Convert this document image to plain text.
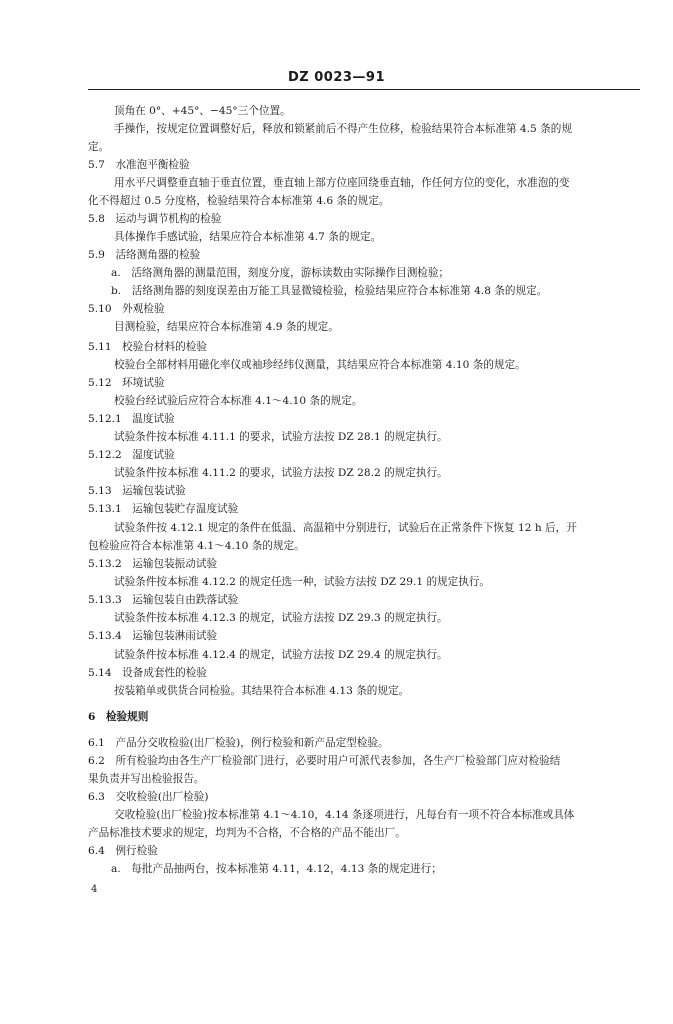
DZ 0023—91
顶角在 0°、+45°、−45°三个位置。
手操作，按规定位置调整好后，释放和锁紧前后不得产生位移，检验结果符合本标准第 4.5 条的规
定。
5.7　水准泡平衡检验
用水平尺调整垂直轴于垂直位置，垂直轴上部方位座回绕垂直轴，作任何方位的变化，水准泡的变
化不得超过 0.5 分度格，检验结果符合本标准第 4.6 条的规定。
5.8　运动与调节机构的检验
具体操作手感试验，结果应符合本标准第 4.7 条的规定。
5.9　活络测角器的检验
a.　活络测角器的测量范围，刻度分度，游标读数由实际操作目测检验；
b.　活络测角器的刻度误差由万能工具显微镜检验，检验结果应符合本标准第 4.8 条的规定。
5.10　外观检验
目测检验，结果应符合本标准第 4.9 条的规定。
5.11　校验台材料的检验
校验台全部材料用磁化率仪或袖珍经纬仪测量，其结果应符合本标准第 4.10 条的规定。
5.12　环境试验
校验台经试验后应符合本标准 4.1～4.10 条的规定。
5.12.1　温度试验
试验条件按本标准 4.11.1 的要求，试验方法按 DZ 28.1 的规定执行。
5.12.2　湿度试验
试验条件按本标准 4.11.2 的要求，试验方法按 DZ 28.2 的规定执行。
5.13　运输包装试验
5.13.1　运输包装贮存温度试验
试验条件按 4.12.1 规定的条件在低温、高温箱中分别进行，试验后在正常条件下恢复 12 h 后，开
包检验应符合本标准第 4.1～4.10 条的规定。
5.13.2　运输包装振动试验
试验条件按本标准 4.12.2 的规定任选一种，试验方法按 DZ 29.1 的规定执行。
5.13.3　运输包装自由跌落试验
试验条件按本标准 4.12.3 的规定，试验方法按 DZ 29.3 的规定执行。
5.13.4　运输包装淋雨试验
试验条件按本标准 4.12.4 的规定，试验方法按 DZ 29.4 的规定执行。
5.14　设备成套性的检验
按装箱单或供货合同检验。其结果符合本标准 4.13 条的规定。
6　检验规则
6.1　产品分交收检验(出厂检验)，例行检验和新产品定型检验。
6.2　所有检验均由各生产厂检验部门进行，必要时用户可派代表参加，各生产厂检验部门应对检验结
果负责并写出检验报告。
6.3　交收检验(出厂检验)
交收检验(出厂检验)按本标准第 4.1～4.10，4.14 条逐项进行，凡每台有一项不符合本标准或具体
产品标准技术要求的规定，均判为不合格，不合格的产品不能出厂。
6.4　例行检验
a.　每批产品抽两台，按本标准第 4.11，4.12，4.13 条的规定进行；
4
